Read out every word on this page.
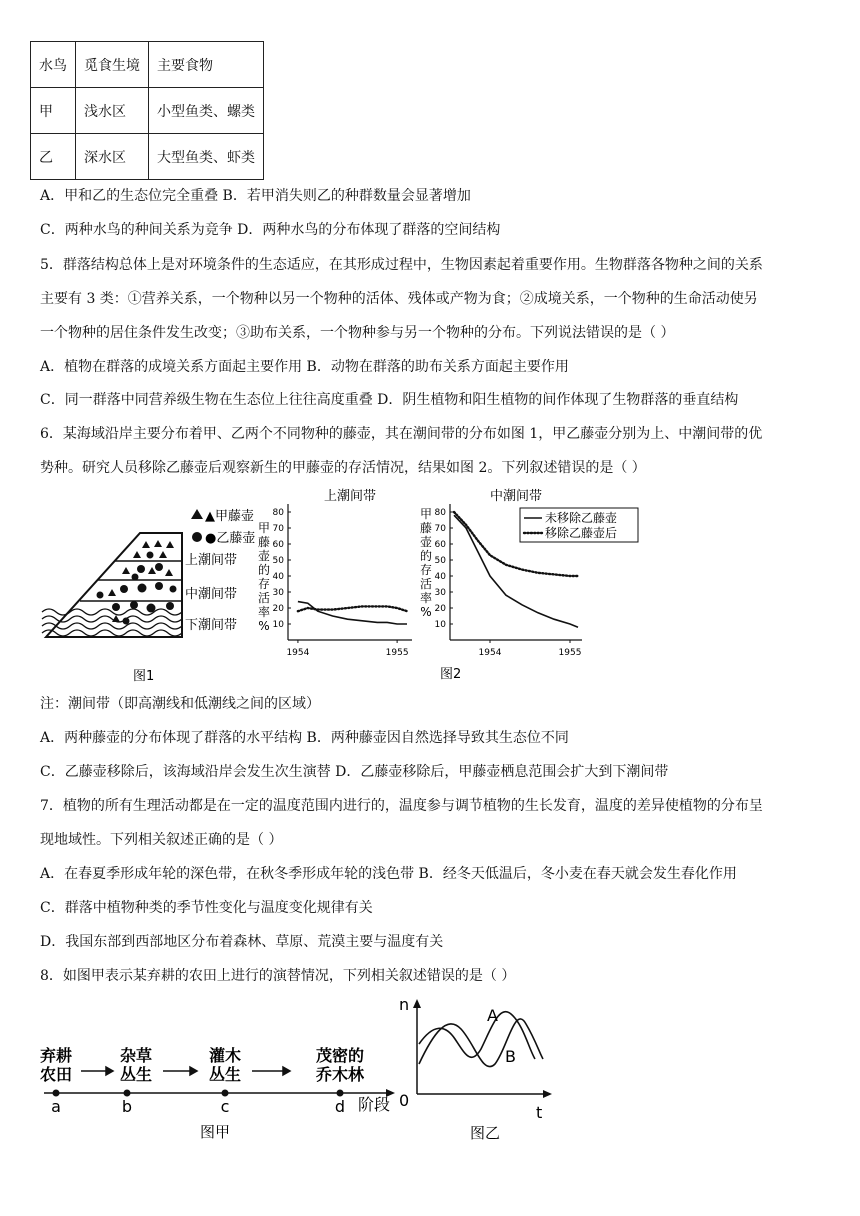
水鸟	觅食生境	主要食物
甲	浅水区	小型鱼类、螺类
乙	深水区	大型鱼类、虾类
A．甲和乙的生态位完全重叠 B．若甲消失则乙的种群数量会显著增加
C．两种水鸟的种间关系为竞争 D．两种水鸟的分布体现了群落的空间结构
5．群落结构总体上是对环境条件的生态适应，在其形成过程中，生物因素起着重要作用。生物群落各物种之间的关系
主要有 3 类：①营养关系，一个物种以另一个物种的活体、残体或产物为食；②成境关系，一个物种的生命活动使另
一个物种的居住条件发生改变；③助布关系，一个物种参与另一个物种的分布。下列说法错误的是（ ）
A．植物在群落的成境关系方面起主要作用 B．动物在群落的助布关系方面起主要作用
C．同一群落中同营养级生物在生态位上往往高度重叠 D．阴生植物和阳生植物的间作体现了生物群落的垂直结构
6．某海域沿岸主要分布着甲、乙两个不同物种的藤壶，其在潮间带的分布如图 1，甲乙藤壶分别为上、中潮间带的优
势种。研究人员移除乙藤壶后观察新生的甲藤壶的存活情况，结果如图 2。下列叙述错误的是（ ）
▲甲藤壶
●乙藤壶
上潮间带
中潮间带
下潮间带
图1
上潮间带
10
20
30
40
50
60
70
80
1954	1955
甲
藤
壶
的
存
活
率
%
中潮间带
10
20
30
40
50
60
70
80
1954	1955
甲
藤
壶
的
存
活
率
%
未移除乙藤壶
移除乙藤壶后
图2
注：潮间带（即高潮线和低潮线之间的区域）
A．两种藤壶的分布体现了群落的水平结构 B．两种藤壶因自然选择导致其生态位不同
C．乙藤壶移除后，该海域沿岸会发生次生演替 D．乙藤壶移除后，甲藤壶栖息范围会扩大到下潮间带
7．植物的所有生理活动都是在一定的温度范围内进行的，温度参与调节植物的生长发育，温度的差异使植物的分布呈
现地域性。下列相关叙述正确的是（ ）
A．在春夏季形成年轮的深色带，在秋冬季形成年轮的浅色带 B．经冬天低温后，冬小麦在春天就会发生春化作用
C．群落中植物种类的季节性变化与温度变化规律有关
D．我国东部到西部地区分布着森林、草原、荒漠主要与温度有关
8．如图甲表示某弃耕的农田上进行的演替情况，下列相关叙述错误的是（ ）
弃耕
农田
杂草
丛生
灌木
丛生
茂密的
乔木林
a	b	c	d 阶段
图甲
n
0
t
A
B
图乙
